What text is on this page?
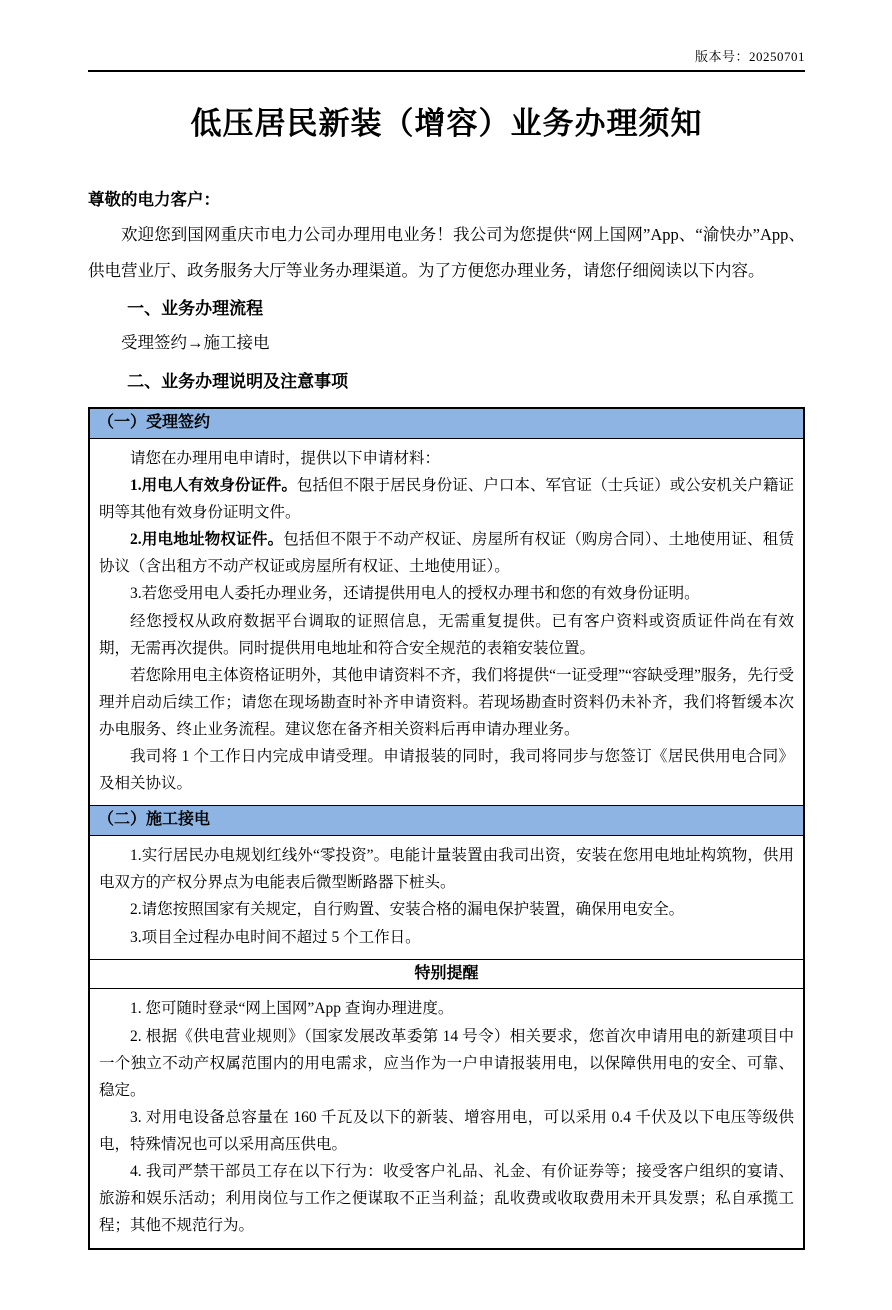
版本号：20250701
低压居民新装（增容）业务办理须知

尊敬的电力客户：

欢迎您到国网重庆市电力公司办理用电业务！我公司为您提供“网上国网”App、“渝快办”App、供电营业厅、政务服务大厅等业务办理渠道。为了方便您办理业务，请您仔细阅读以下内容。

一、业务办理流程

受理签约→施工接电

二、业务办理说明及注意事项
（一）受理签约

请您在办理用电申请时，提供以下申请材料：

1.用电人有效身份证件。包括但不限于居民身份证、户口本、军官证（士兵证）或公安机关户籍证明等其他有效身份证明文件。

2.用电地址物权证件。包括但不限于不动产权证、房屋所有权证（购房合同）、土地使用证、租赁协议（含出租方不动产权证或房屋所有权证、土地使用证）。

3.若您受用电人委托办理业务，还请提供用电人的授权办理书和您的有效身份证明。

经您授权从政府数据平台调取的证照信息，无需重复提供。已有客户资料或资质证件尚在有效期，无需再次提供。同时提供用电地址和符合安全规范的表箱安装位置。

若您除用电主体资格证明外，其他申请资料不齐，我们将提供“一证受理”“容缺受理”服务，先行受理并启动后续工作；请您在现场勘查时补齐申请资料。若现场勘查时资料仍未补齐，我们将暂缓本次办电服务、终止业务流程。建议您在备齐相关资料后再申请办理业务。

我司将 1 个工作日内完成申请受理。申请报装的同时，我司将同步与您签订《居民供用电合同》及相关协议。

（二）施工接电

1.实行居民办电规划红线外“零投资”。电能计量装置由我司出资，安装在您用电地址构筑物，供用电双方的产权分界点为电能表后微型断路器下桩头。

2.请您按照国家有关规定，自行购置、安装合格的漏电保护装置，确保用电安全。

3.项目全过程办电时间不超过 5 个工作日。

特别提醒

1. 您可随时登录“网上国网”App 查询办理进度。

2. 根据《供电营业规则》（国家发展改革委第 14 号令）相关要求，您首次申请用电的新建项目中一个独立不动产权属范围内的用电需求，应当作为一户申请报装用电，以保障供用电的安全、可靠、稳定。

3. 对用电设备总容量在 160 千瓦及以下的新装、增容用电，可以采用 0.4 千伏及以下电压等级供电，特殊情况也可以采用高压供电。

4. 我司严禁干部员工存在以下行为：收受客户礼品、礼金、有价证券等；接受客户组织的宴请、旅游和娱乐活动；利用岗位与工作之便谋取不正当利益；乱收费或收取费用未开具发票；私自承揽工程；其他不规范行为。
